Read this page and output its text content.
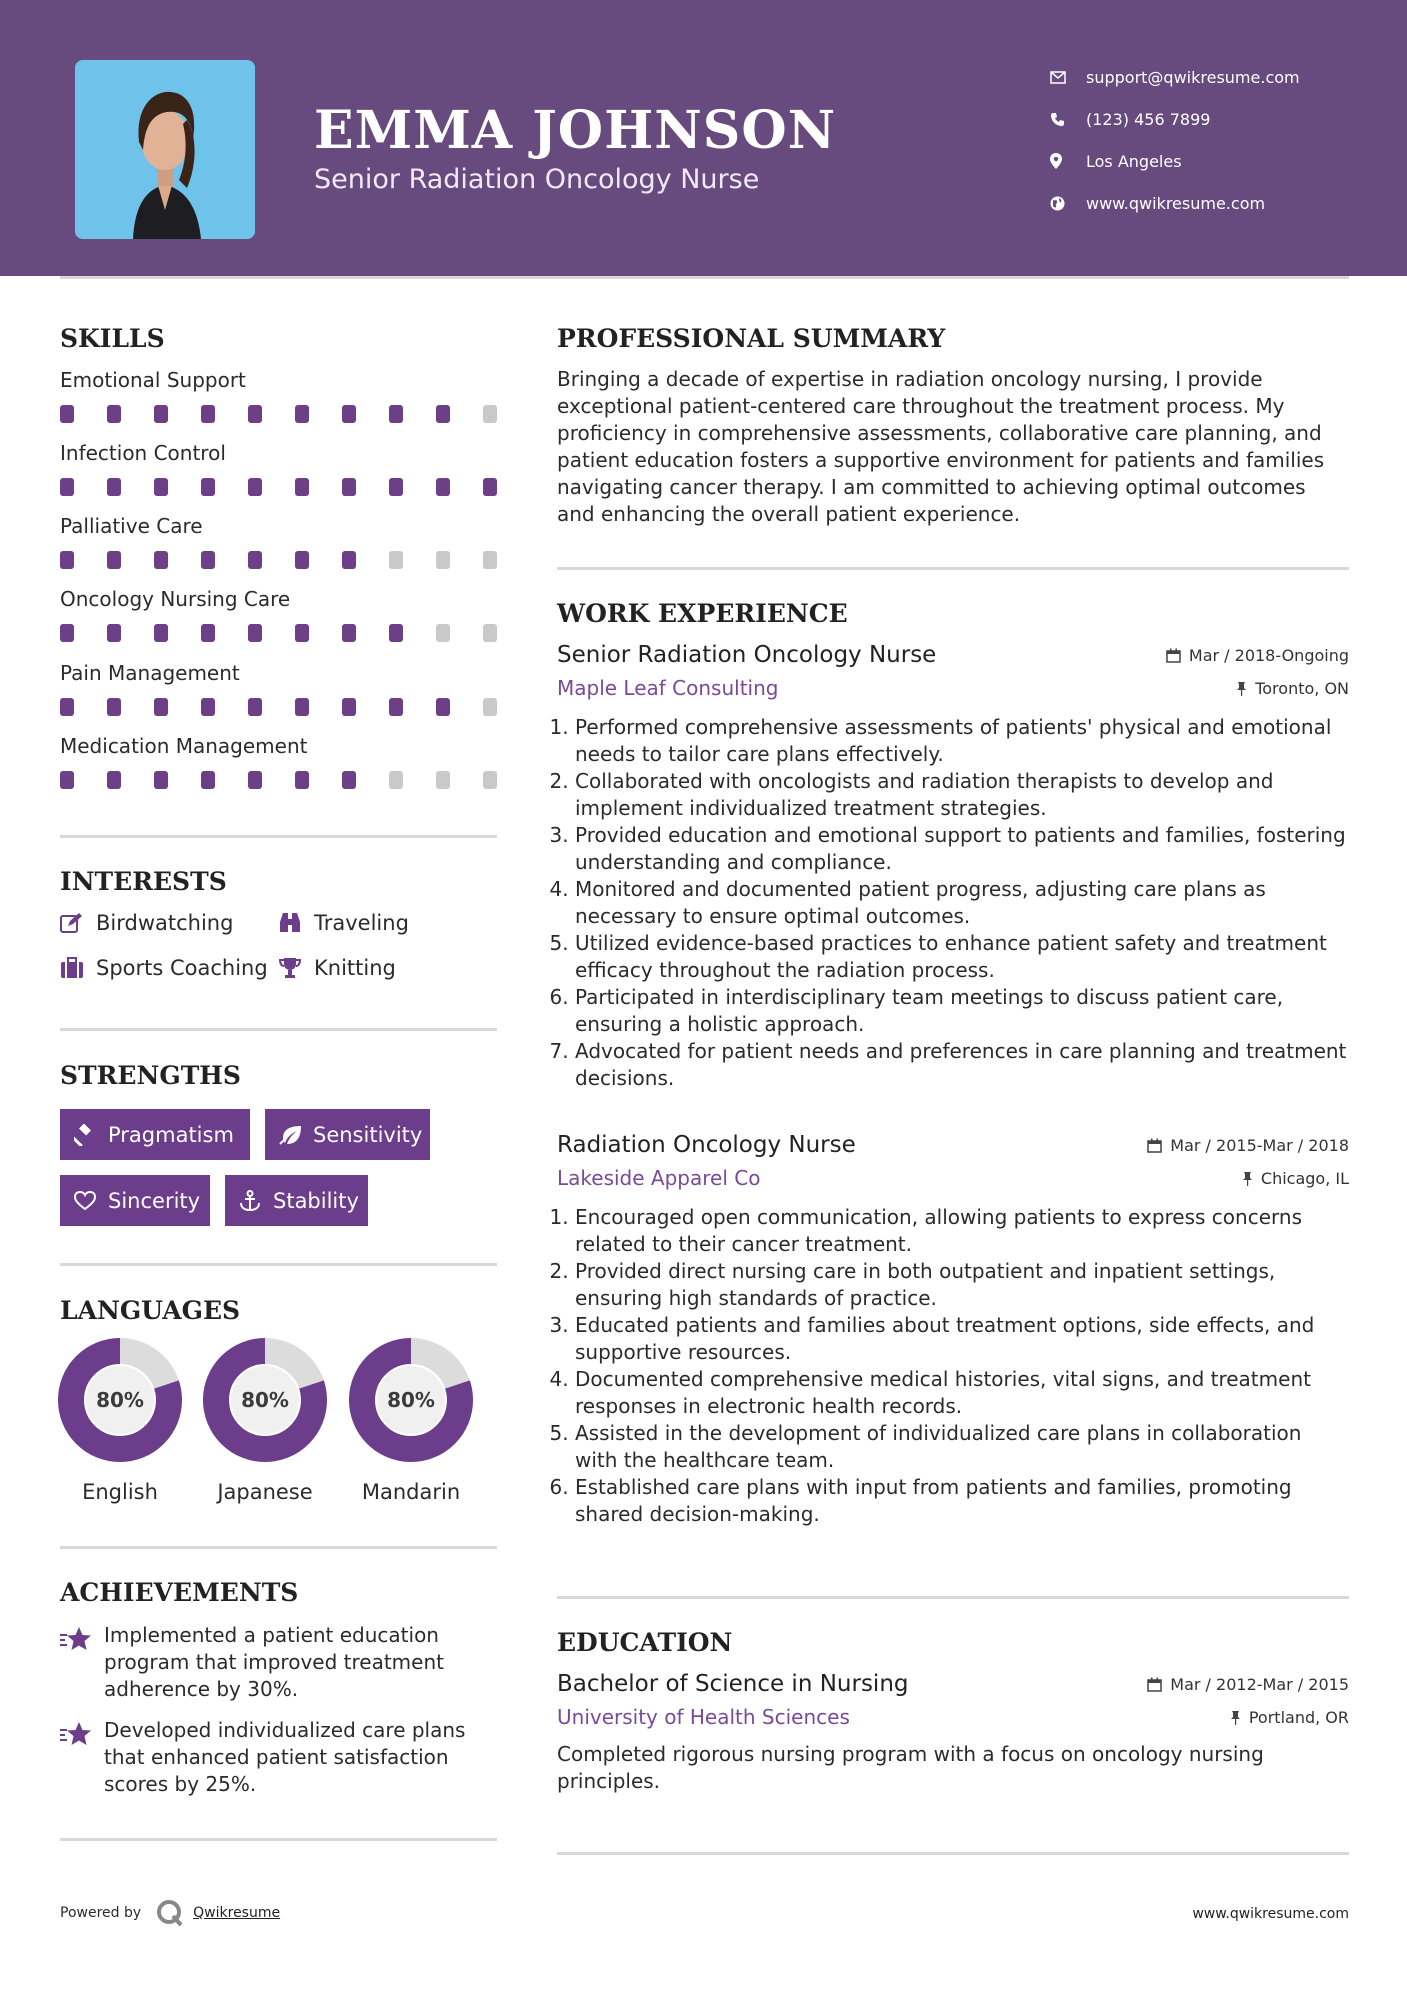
EMMA JOHNSON
Senior Radiation Oncology Nurse
support@qwikresume.com
(123) 456 7899
Los Angeles
www.qwikresume.com
SKILLS
Emotional Support
Infection Control
Palliative Care
Oncology Nursing Care
Pain Management
Medication Management
INTERESTS
Birdwatching	Traveling
Sports Coaching Knitting
STRENGTHS
Pragmatism	Sensitivity
Sincerity	Stability
LANGUAGES
80%
English
80%
Japanese
80%
Mandarin
ACHIEVEMENTS
Implemented a patient education program that improved treatment adherence by 30%.
Developed individualized care plans that enhanced patient satisfaction scores by 25%.
PROFESSIONAL SUMMARY
Bringing a decade of expertise in radiation oncology nursing, I provide exceptional patient-centered care throughout the treatment process. My proficiency in comprehensive assessments, collaborative care planning, and patient education fosters a supportive environment for patients and families navigating cancer therapy. I am committed to achieving optimal outcomes and enhancing the overall patient experience.
WORK EXPERIENCE
Senior Radiation Oncology Nurse	Mar / 2018-Ongoing
Maple Leaf Consulting	Toronto, ON
1. Performed comprehensive assessments of patients' physical and emotional needs to tailor care plans effectively.
2. Collaborated with oncologists and radiation therapists to develop and implement individualized treatment strategies.
3. Provided education and emotional support to patients and families, fostering understanding and compliance.
4. Monitored and documented patient progress, adjusting care plans as necessary to ensure optimal outcomes.
5. Utilized evidence-based practices to enhance patient safety and treatment efficacy throughout the radiation process.
6. Participated in interdisciplinary team meetings to discuss patient care, ensuring a holistic approach.
7. Advocated for patient needs and preferences in care planning and treatment decisions.
Radiation Oncology Nurse	Mar / 2015-Mar / 2018
Lakeside Apparel Co	Chicago, IL
1. Encouraged open communication, allowing patients to express concerns related to their cancer treatment.
2. Provided direct nursing care in both outpatient and inpatient settings, ensuring high standards of practice.
3. Educated patients and families about treatment options, side effects, and supportive resources.
4. Documented comprehensive medical histories, vital signs, and treatment responses in electronic health records.
5. Assisted in the development of individualized care plans in collaboration with the healthcare team.
6. Established care plans with input from patients and families, promoting shared decision-making.
EDUCATION
Bachelor of Science in Nursing	Mar / 2012-Mar / 2015
University of Health Sciences	Portland, OR
Completed rigorous nursing program with a focus on oncology nursing principles.
Powered by	Qwikresume	www.qwikresume.com
